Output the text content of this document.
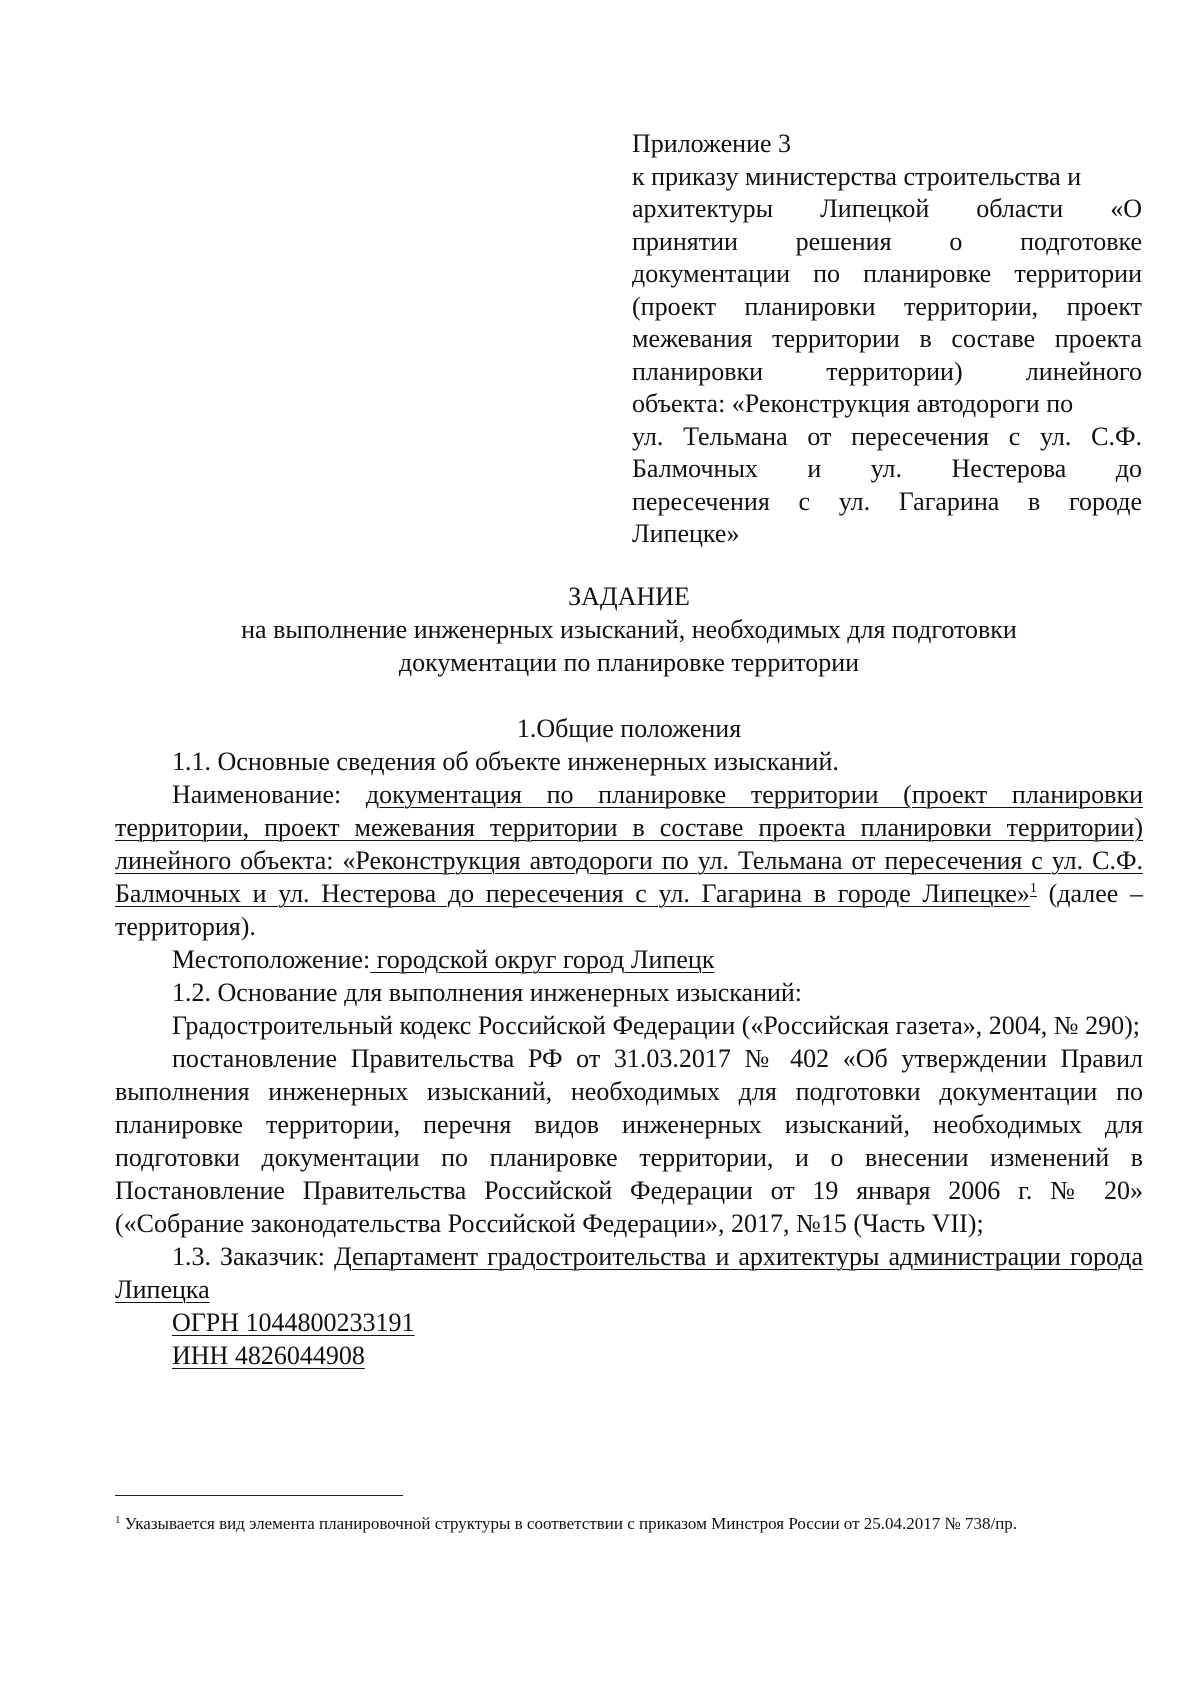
Приложение 3
к приказу министерства строительства и
архитектуры Липецкой области «О
принятии решения о подготовке
документации по планировке территории
(проект планировки территории, проект
межевания территории в составе проекта
планировки территории) линейного
объекта: «Реконструкция автодороги по
ул. Тельмана от пересечения с ул. С.Ф.
Балмочных и ул. Нестерова до
пересечения с ул. Гагарина в городе
Липецке»
ЗАДАНИЕ
на выполнение инженерных изысканий, необходимых для подготовки
документации по планировке территории
1.Общие положения

1.1. Основные сведения об объекте инженерных изысканий.

Наименование: документация по планировке территории (проект планировки территории, проект межевания территории в составе проекта планировки территории) линейного объекта: «Реконструкция автодороги по ул. Тельмана от пересечения с ул. С.Ф. Балмочных и ул. Нестерова до пересечения с ул. Гагарина в городе Липецке»$^1$ (далее – территория).

Местоположение: городской округ город Липецк

1.2. Основание для выполнения инженерных изысканий:

Градостроительный кодекс Российской Федерации («Российская газета», 2004, № 290);

постановление Правительства РФ от 31.03.2017 № 402 «Об утверждении Правил выполнения инженерных изысканий, необходимых для подготовки документации по планировке территории, перечня видов инженерных изысканий, необходимых для подготовки документации по планировке территории, и о внесении изменений в Постановление Правительства Российской Федерации от 19 января 2006 г. № 20» («Собрание законодательства Российской Федерации», 2017, №15 (Часть VII);

1.3. Заказчик: Департамент градостроительства и архитектуры администрации города Липецка

ОГРН 1044800233191

ИНН 4826044908

$^1$ Указывается вид элемента планировочной структуры в соответствии с приказом Минстроя России от 25.04.2017 № 738/пр.
